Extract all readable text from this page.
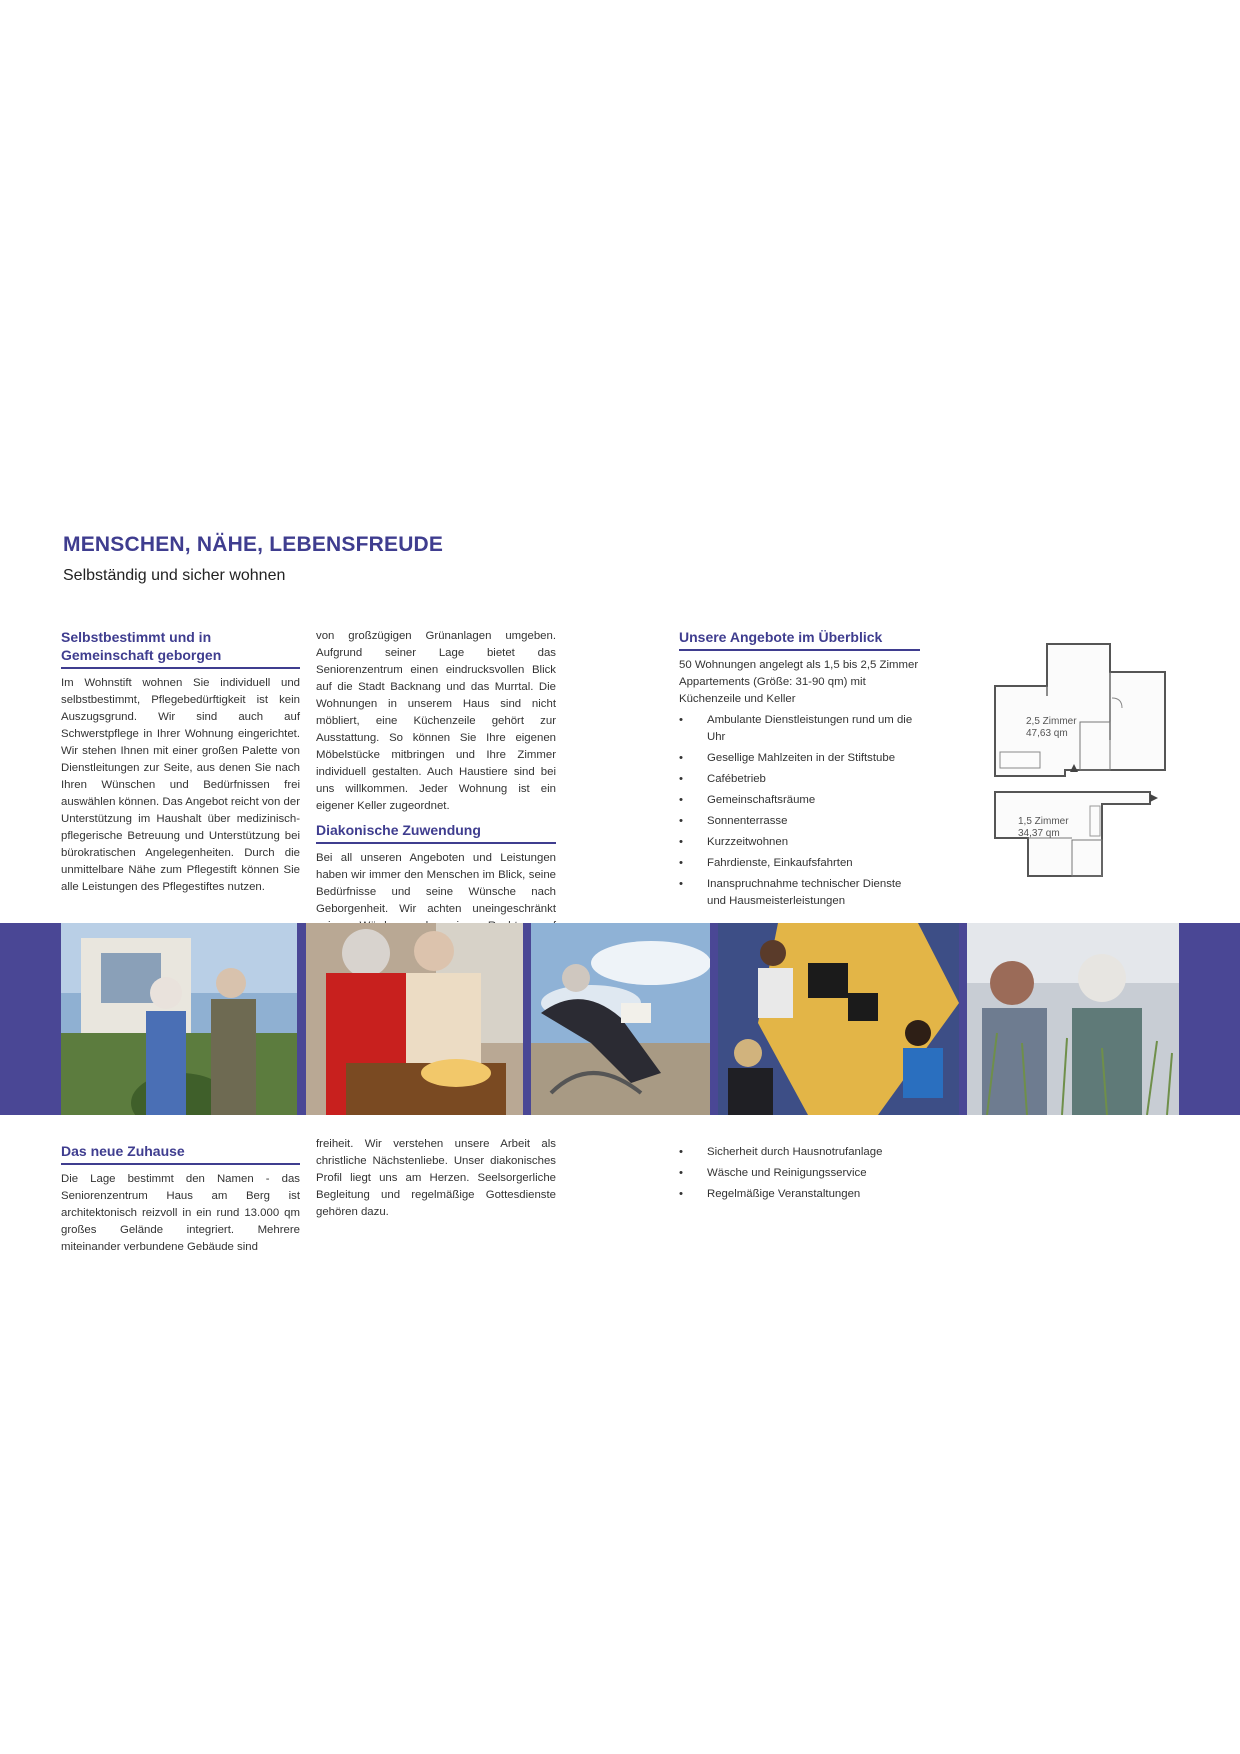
MENSCHEN, NÄHE, LEBENSFREUDE
Selbständig und sicher wohnen
Selbstbestimmt und in Gemeinschaft geborgen

Im Wohnstift wohnen Sie individuell und selbstbestimmt, Pflegebedürftigkeit ist kein Auszugsgrund. Wir sind auch auf Schwerstpflege in Ihrer Wohnung eingerichtet. Wir stehen Ihnen mit einer großen Palette von Dienstleitungen zur Seite, aus denen Sie nach Ihren Wünschen und Bedürfnissen frei auswählen können. Das Angebot reicht von der Unterstützung im Haushalt über medizinisch-pflegerische Betreuung und Unterstützung bei bürokratischen Angelegenheiten. Durch die unmittelbare Nähe zum Pflegestift können Sie alle Leistungen des Pflegestiftes nutzen.

von großzügigen Grünanlagen umgeben. Aufgrund seiner Lage bietet das Seniorenzentrum einen eindrucksvollen Blick auf die Stadt Backnang und das Murrtal. Die Wohnungen in unserem Haus sind nicht möbliert, eine Küchenzeile gehört zur Ausstattung. So können Sie Ihre eigenen Möbelstücke mitbringen und Ihre Zimmer individuell gestalten. Auch Haustiere sind bei uns willkommen. Jeder Wohnung ist ein eigener Keller zugeordnet.

Diakonische Zuwendung

Bei all unseren Angeboten und Leistungen haben wir immer den Menschen im Blick, seine Bedürfnisse und seine Wünsche nach Geborgenheit. Wir achten uneingeschränkt

Unsere Angebote im Überblick
50 Wohnungen angelegt als 1,5 bis 2,5 Zimmer Appartements (Größe: 31-90 qm) mit Küchenzeile und Keller
• Ambulante Dienstleistungen rund um die Uhr
• Gesellige Mahlzeiten in der Stiftstube
• Cafébetrieb
• Gemeinschaftsräume
• Sonnenterrasse
• Kurzzeitwohnen
• Fahrdienste, Einkaufsfahrten
• Inanspruchnahme technischer Dienste und Hausmeisterleistungen
2,5 Zimmer
47,63 qm
1,5 Zimmer
34,37 qm
Das neue Zuhause

Die Lage bestimmt den Namen - das Seniorenzentrum Haus am Berg ist architektonisch reizvoll in ein rund 13.000 qm großes Gelände integriert. Mehrere miteinander verbundene Gebäude sind

freiheit. Wir verstehen unsere Arbeit als christliche Nächstenliebe. Unser diakonisches Profil liegt uns am Herzen. Seelsorgerliche Begleitung und regelmäßige Gottesdienste gehören dazu.

• Sicherheit durch Hausnotrufanlage
• Wäsche und Reinigungsservice
• Regelmäßige Veranstaltungen
